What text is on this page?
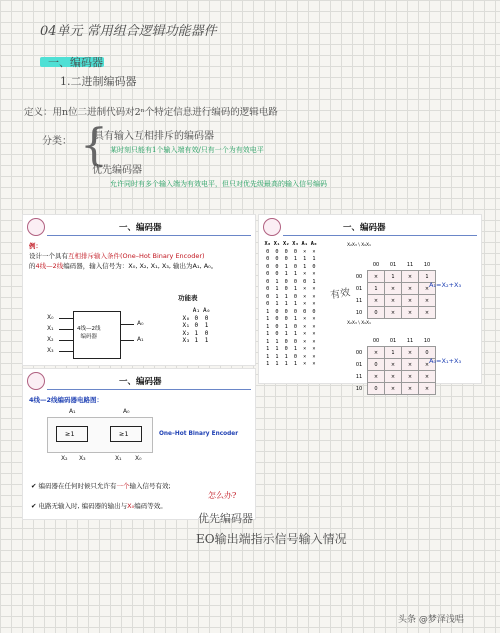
04单元 常用组合逻辑功能器件
一、编码器
1.二进制编码器
定义：用n位二进制代码对2ⁿ个特定信息进行编码的逻辑电路
分类： {
具有输入互相排斥的编码器
某时刻只能有1个输入端有效/只有一个为有效电平
优先编码器
允许同时有多个输入端为有效电平，但只对优先级最高的输入信号编码
一、编码器
例：
设计一个具有互相排斥输入条件(One–Hot Binary Encoder)
的4线—2线编码器，输入信号为：X₀, X₂, X₁, X₃, 输出为A₁, A₀。
功能表
X₀
X₁
X₂
X₃
4线—2线
编码器
A₀
A₁
	A₁	A₀
X₀	0	0
X₁	0	1
X₂	1	0
X₃	1	1
一、编码器
X₀	X₁	X₂	X₃	A₁	A₀
0	0	0	0	×	×
0	0	0	1	1	1
0	0	1	0	1	0
0	0	1	1	×	×
0	1	0	0	0	1
0	1	0	1	×	×
0	1	1	0	×	×
0	1	1	1	×	×
1	0	0	0	0	0
1	0	0	1	×	×
1	0	1	0	×	×
1	0	1	1	×	×
1	1	0	0	×	×
1	1	0	1	×	×
1	1	1	0	×	×
1	1	1	1	×	×
X₂X₃ \ X₀X₁
	00	01	11	10
00	×	1	×	1
01	1	×	×	×
11	×	×	×	×
10	0	×	×	×
A₁=X₂+X₃
X₂X₃ \ X₀X₁
	00	01	11	10
00	×	1	×	0
01	0	×	×	×
11	×	×	×	×
10	0	×	×	×
A₀=X₁+X₃
有效
一、编码器
4线—2线编码器电路图：
≥1	≥1
A₁	A₀
X₂ X₃	X₁ X₀
One–Hot Binary Encoder
✔ 编码器在任何时候只允许有一个输入信号有效;
✔ 电路无输入时, 编码器的输出与X₀编码等效。
怎么办?
优先编码器
EO输出端指示信号输入情况
头条 @梦泽浅唱
